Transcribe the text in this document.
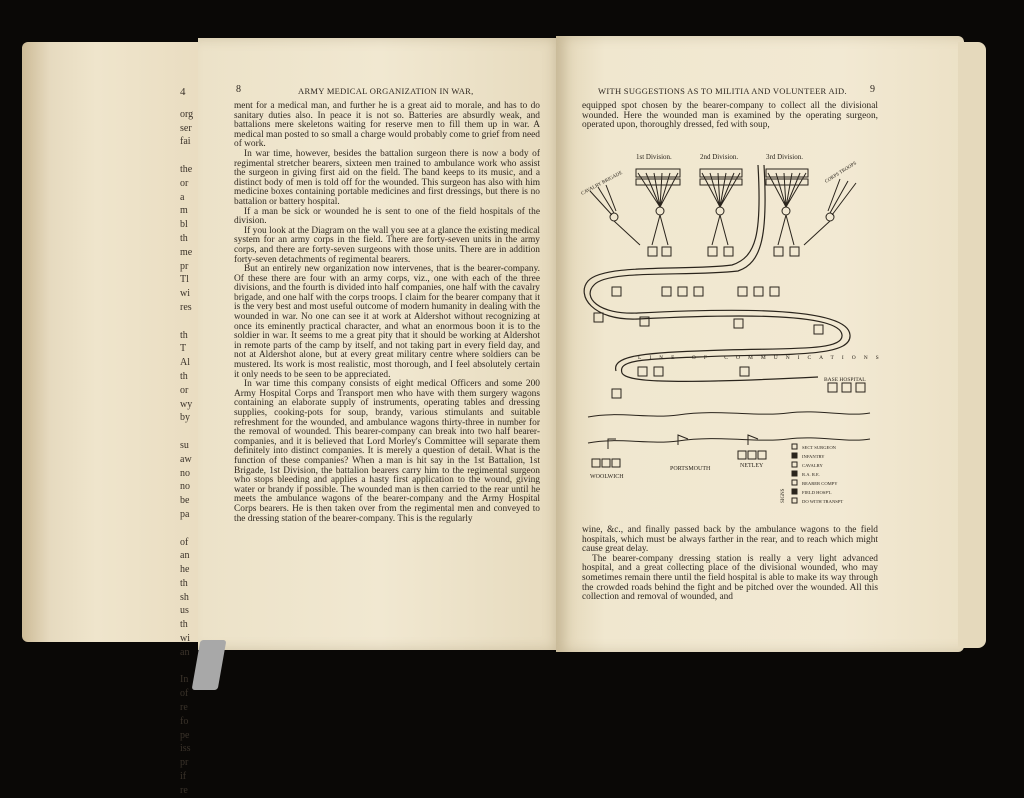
4
org
ser
fai

the
or
a
m
bl
th
me
pr
Tl
wi
res

th
T
Al
th
or
wy
by

su
aw
no
no
be
pa

of
an
he
th
sh
us
th
wi
an

In
of
re
fo
pe
iss
pr
if
re
8	ARMY MEDICAL ORGANIZATION IN WAR,	WITH SUGGESTIONS AS TO MILITIA AND VOLUNTEER AID. 9

ment for a medical man, and further he is a great aid to morale, and has to do sanitary duties also. In peace it is not so. Batteries are absurdly weak, and battalions mere skeletons waiting for reserve men to fill them up in war. A medical man posted to so small a charge would probably come to grief from need of work.

In war time, however, besides the battalion surgeon there is now a body of regimental stretcher bearers, sixteen men trained to ambulance work who assist the surgeon in giving first aid on the field. The band keeps to its music, and a distinct body of men is told off for the wounded. This surgeon has also with him medicine boxes containing portable medicines and first dressings, but there is no battalion or battery hospital.

If a man be sick or wounded he is sent to one of the field hospitals of the division.

If you look at the Diagram on the wall you see at a glance the existing medical system for an army corps in the field. There are forty-seven units in the army corps, and there are forty-seven surgeons with those units. There are in addition forty-seven detachments of regimental bearers.

But an entirely new organization now intervenes, that is the bearer-company. Of these there are four with an army corps, viz., one with each of the three divisions, and the fourth is divided into half companies, one half with the cavalry brigade, and one half with the corps troops. I claim for the bearer company that it is the very best and most useful outcome of modern humanity in dealing with the wounded in war. No one can see it at work at Aldershot without recognizing at once its eminently practical character, and what an enormous boon it is to the soldier in war. It seems to me a great pity that it should be working at Aldershot in remote parts of the camp by itself, and not taking part in every field day, and not at Aldershot alone, but at every great military centre where soldiers can be mustered. Its work is most realistic, most thorough, and I feel absolutely certain it only needs to be seen to be appreciated.

In war time this company consists of eight medical Officers and some 200 Army Hospital Corps and Transport men who have with them surgery wagons containing an elaborate supply of instruments, operating tables and dressing supplies, cooking-pots for soup, brandy, various stimulants and suitable refreshment for the wounded, and ambulance wagons thirty-three in number for the removal of wounded. This bearer-company can break into two half bearer-companies, and it is believed that Lord Morley's Committee will separate them definitely into distinct companies. It is merely a question of detail. What is the function of these companies? When a man is hit say in the 1st Battalion, 1st Brigade, 1st Division, the battalion bearers carry him to the regimental surgeon who stops bleeding and applies a hasty first application to the wound, giving water or brandy if possible. The wounded man is then carried to the rear until he meets the ambulance wagons of the bearer-company and the Army Hospital Corps bearers. He is then taken over from the regimental men and conveyed to the dressing station of the bearer-company. This is the regularly

equipped spot chosen by the bearer-company to collect all the divisional wounded. Here the wounded man is examined by the operating surgeon, operated upon, thoroughly dressed, fed with soup,

1st Division.	2nd Division.	3rd Division.
CAVALRY BRIGADE	CORPS TROOPS
LINE OF COMMUNICATIONS
BASE HOSPITAL
WOOLWICH
PORTSMOUTH	NETLEY
SECT SURGEON
INFANTRY
CAVALRY
R.A. R.E.
BEARER COMPY
FIELD HOSP'L
DO WITH TRANSPT
SIGNS

wine, &c., and finally passed back by the ambulance wagons to the field hospitals, which must be always farther in the rear, and to reach which might cause great delay.

The bearer-company dressing station is really a very light advanced hospital, and a great collecting place of the divisional wounded, who may sometimes remain there until the field hospital is able to make its way through the crowded roads behind the fight and be pitched over the wounded. All this collection and removal of wounded, and
